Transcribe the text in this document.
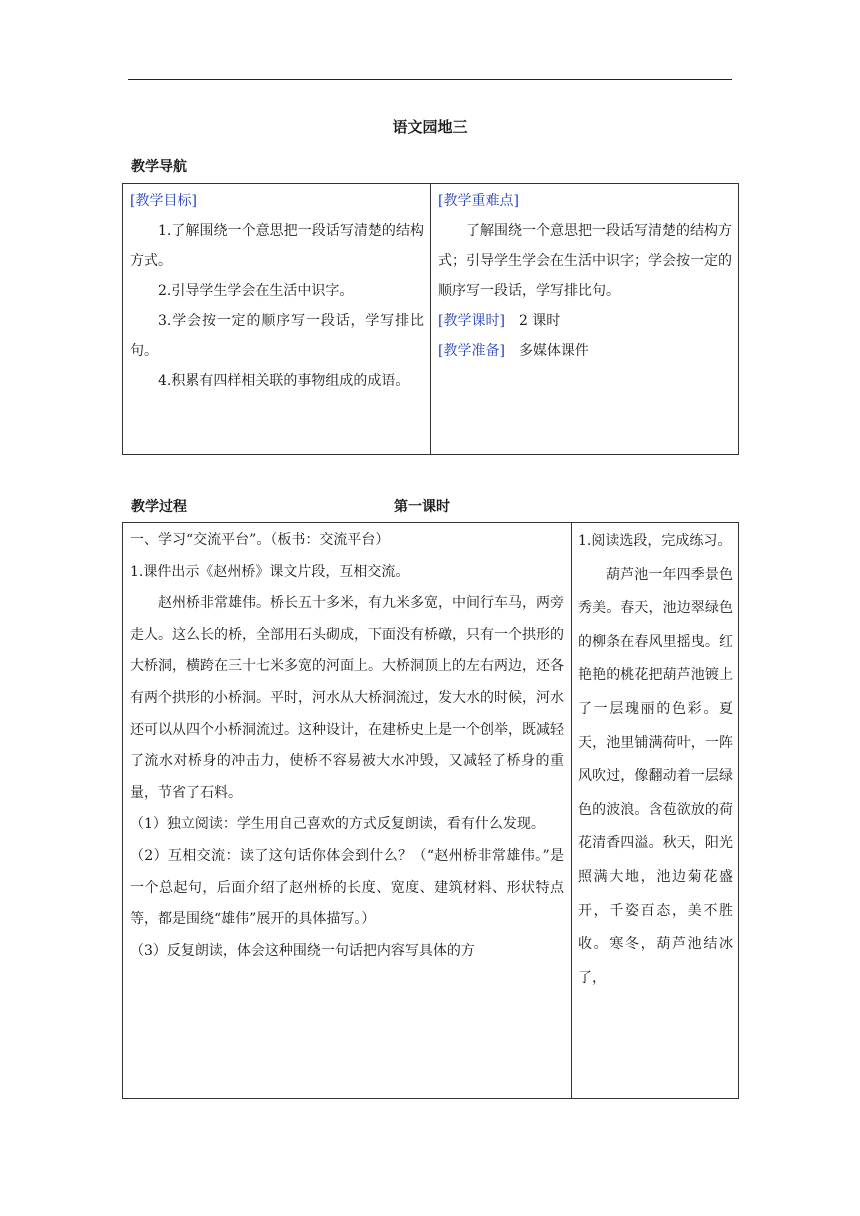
语文园地三
教学导航

[教学目标]

1.了解围绕一个意思把一段话写清楚的结构方式。

2.引导学生学会在生活中识字。

3.学会按一定的顺序写一段话，学写排比句。

4.积累有四样相关联的事物组成的成语。

[教学重难点]

了解围绕一个意思把一段话写清楚的结构方式；引导学生学会在生活中识字；学会按一定的顺序写一段话，学写排比句。

[教学课时] 2 课时

[教学准备] 多媒体课件

教学过程	第一课时

一、学习“交流平台”。（板书：交流平台）

1.课件出示《赵州桥》课文片段，互相交流。

赵州桥非常雄伟。桥长五十多米，有九米多宽，中间行车马，两旁走人。这么长的桥，全部用石头砌成，下面没有桥礅，只有一个拱形的大桥洞，横跨在三十七米多宽的河面上。大桥洞顶上的左右两边，还各有两个拱形的小桥洞。平时，河水从大桥洞流过，发大水的时候，河水还可以从四个小桥洞流过。这种设计，在建桥史上是一个创举，既减轻了流水对桥身的冲击力，使桥不容易被大水冲毁，又减轻了桥身的重量，节省了石料。

（1）独立阅读：学生用自己喜欢的方式反复朗读，看有什么发现。

（2）互相交流：读了这句话你体会到什么？（“赵州桥非常雄伟。”是一个总起句，后面介绍了赵州桥的长度、宽度、建筑材料、形状特点等，都是围绕“雄伟”展开的具体描写。）

（3）反复朗读，体会这种围绕一句话把内容写具体的方

1.阅读选段，完成练习。

葫芦池一年四季景色秀美。春天，池边翠绿色的柳条在春风里摇曳。红艳艳的桃花把葫芦池镀上了一层瑰丽的色彩。夏天，池里铺满荷叶，一阵风吹过，像翻动着一层绿色的波浪。含苞欲放的荷花清香四溢。秋天，阳光照满大地，池边菊花盛开，千姿百态，美不胜收。寒冬，葫芦池结冰了，
